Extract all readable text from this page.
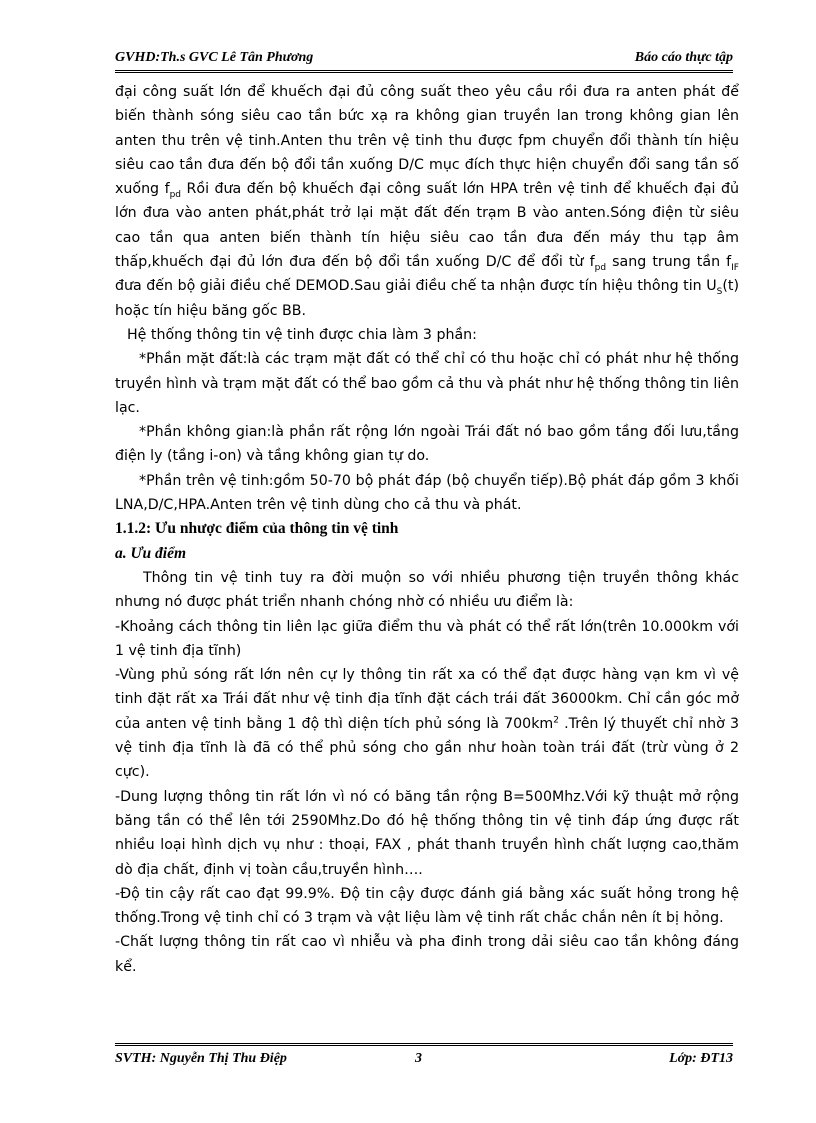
GVHD:Th.s GVC Lê Tân Phương	Báo cáo thực tập

đại công suất lớn để khuếch đại đủ công suất theo yêu cầu rồi đưa ra anten phát để biến thành sóng siêu cao tần bức xạ ra không gian truyền lan trong không gian lên anten thu trên vệ tinh.Anten thu trên vệ tinh thu được fpm chuyển đổi thành tín hiệu siêu cao tần đưa đến bộ đổi tần xuống D/C mục đích thực hiện chuyển đổi sang tần số xuống $f_{pd}$ Rồi đưa đến bộ khuếch đại công suất lớn HPA trên vệ tinh để khuếch đại đủ lớn đưa vào anten phát,phát trở lại mặt đất đến trạm B vào anten.Sóng điện từ siêu cao tần qua anten biến thành tín hiệu siêu cao tần đưa đến máy thu tạp âm thấp,khuếch đại đủ lớn đưa đến bộ đổi tần xuống D/C để đổi từ $f_{pd}$ sang trung tần $f_{IF}$ đưa đến bộ giải điều chế DEMOD.Sau giải điều chế ta nhận được tín hiệu thông tin $U_S(t)$ hoặc tín hiệu băng gốc BB.

Hệ thống thông tin vệ tinh được chia làm 3 phần:

*Phần mặt đất:là các trạm mặt đất có thể chỉ có thu hoặc chỉ có phát như hệ thống truyền hình và trạm mặt đất có thể bao gồm cả thu và phát như hệ thống thông tin liên lạc.

*Phần không gian:là phần rất rộng lớn ngoài Trái đất nó bao gồm tầng đối lưu,tầng điện ly (tầng i-on) và tầng không gian tự do.

*Phần trên vệ tinh:gồm 50-70 bộ phát đáp (bộ chuyển tiếp).Bộ phát đáp gồm 3 khối LNA,D/C,HPA.Anten trên vệ tinh dùng cho cả thu và phát.

1.1.2: Ưu nhược điểm của thông tin vệ tinh

a. Ưu điểm

Thông tin vệ tinh tuy ra đời muộn so với nhiều phương tiện truyền thông khác nhưng nó được phát triển nhanh chóng nhờ có nhiều ưu điểm là:

-Khoảng cách thông tin liên lạc giữa điểm thu và phát có thể rất lớn(trên 10.000km với 1 vệ tinh địa tĩnh)

-Vùng phủ sóng rất lớn nên cự ly thông tin rất xa có thể đạt được hàng vạn km vì vệ tinh đặt rất xa Trái đất như vệ tinh địa tĩnh đặt cách trái đất 36000km. Chỉ cần góc mở của anten vệ tinh bằng 1 độ thì diện tích phủ sóng là $700km^2$ .Trên lý thuyết chỉ nhờ 3 vệ tinh địa tĩnh là đã có thể phủ sóng cho gần như hoàn toàn trái đất (trừ vùng ở 2 cực).

-Dung lượng thông tin rất lớn vì nó có băng tần rộng B=500Mhz.Với kỹ thuật mở rộng băng tần có thể lên tới 2590Mhz.Do đó hệ thống thông tin vệ tinh đáp ứng được rất nhiều loại hình dịch vụ như : thoại, FAX , phát thanh truyền hình chất lượng cao,thăm dò địa chất, định vị toàn cầu,truyền hình….

-Độ tin cậy rất cao đạt 99.9%. Độ tin cậy được đánh giá bằng xác suất hỏng trong hệ thống.Trong vệ tinh chỉ có 3 trạm và vật liệu làm vệ tinh rất chắc chắn nên ít bị hỏng.

-Chất lượng thông tin rất cao vì nhiễu và pha đinh trong dải siêu cao tần không đáng kể.

SVTH: Nguyễn Thị Thu Điệp	3	Lớp: ĐT13
